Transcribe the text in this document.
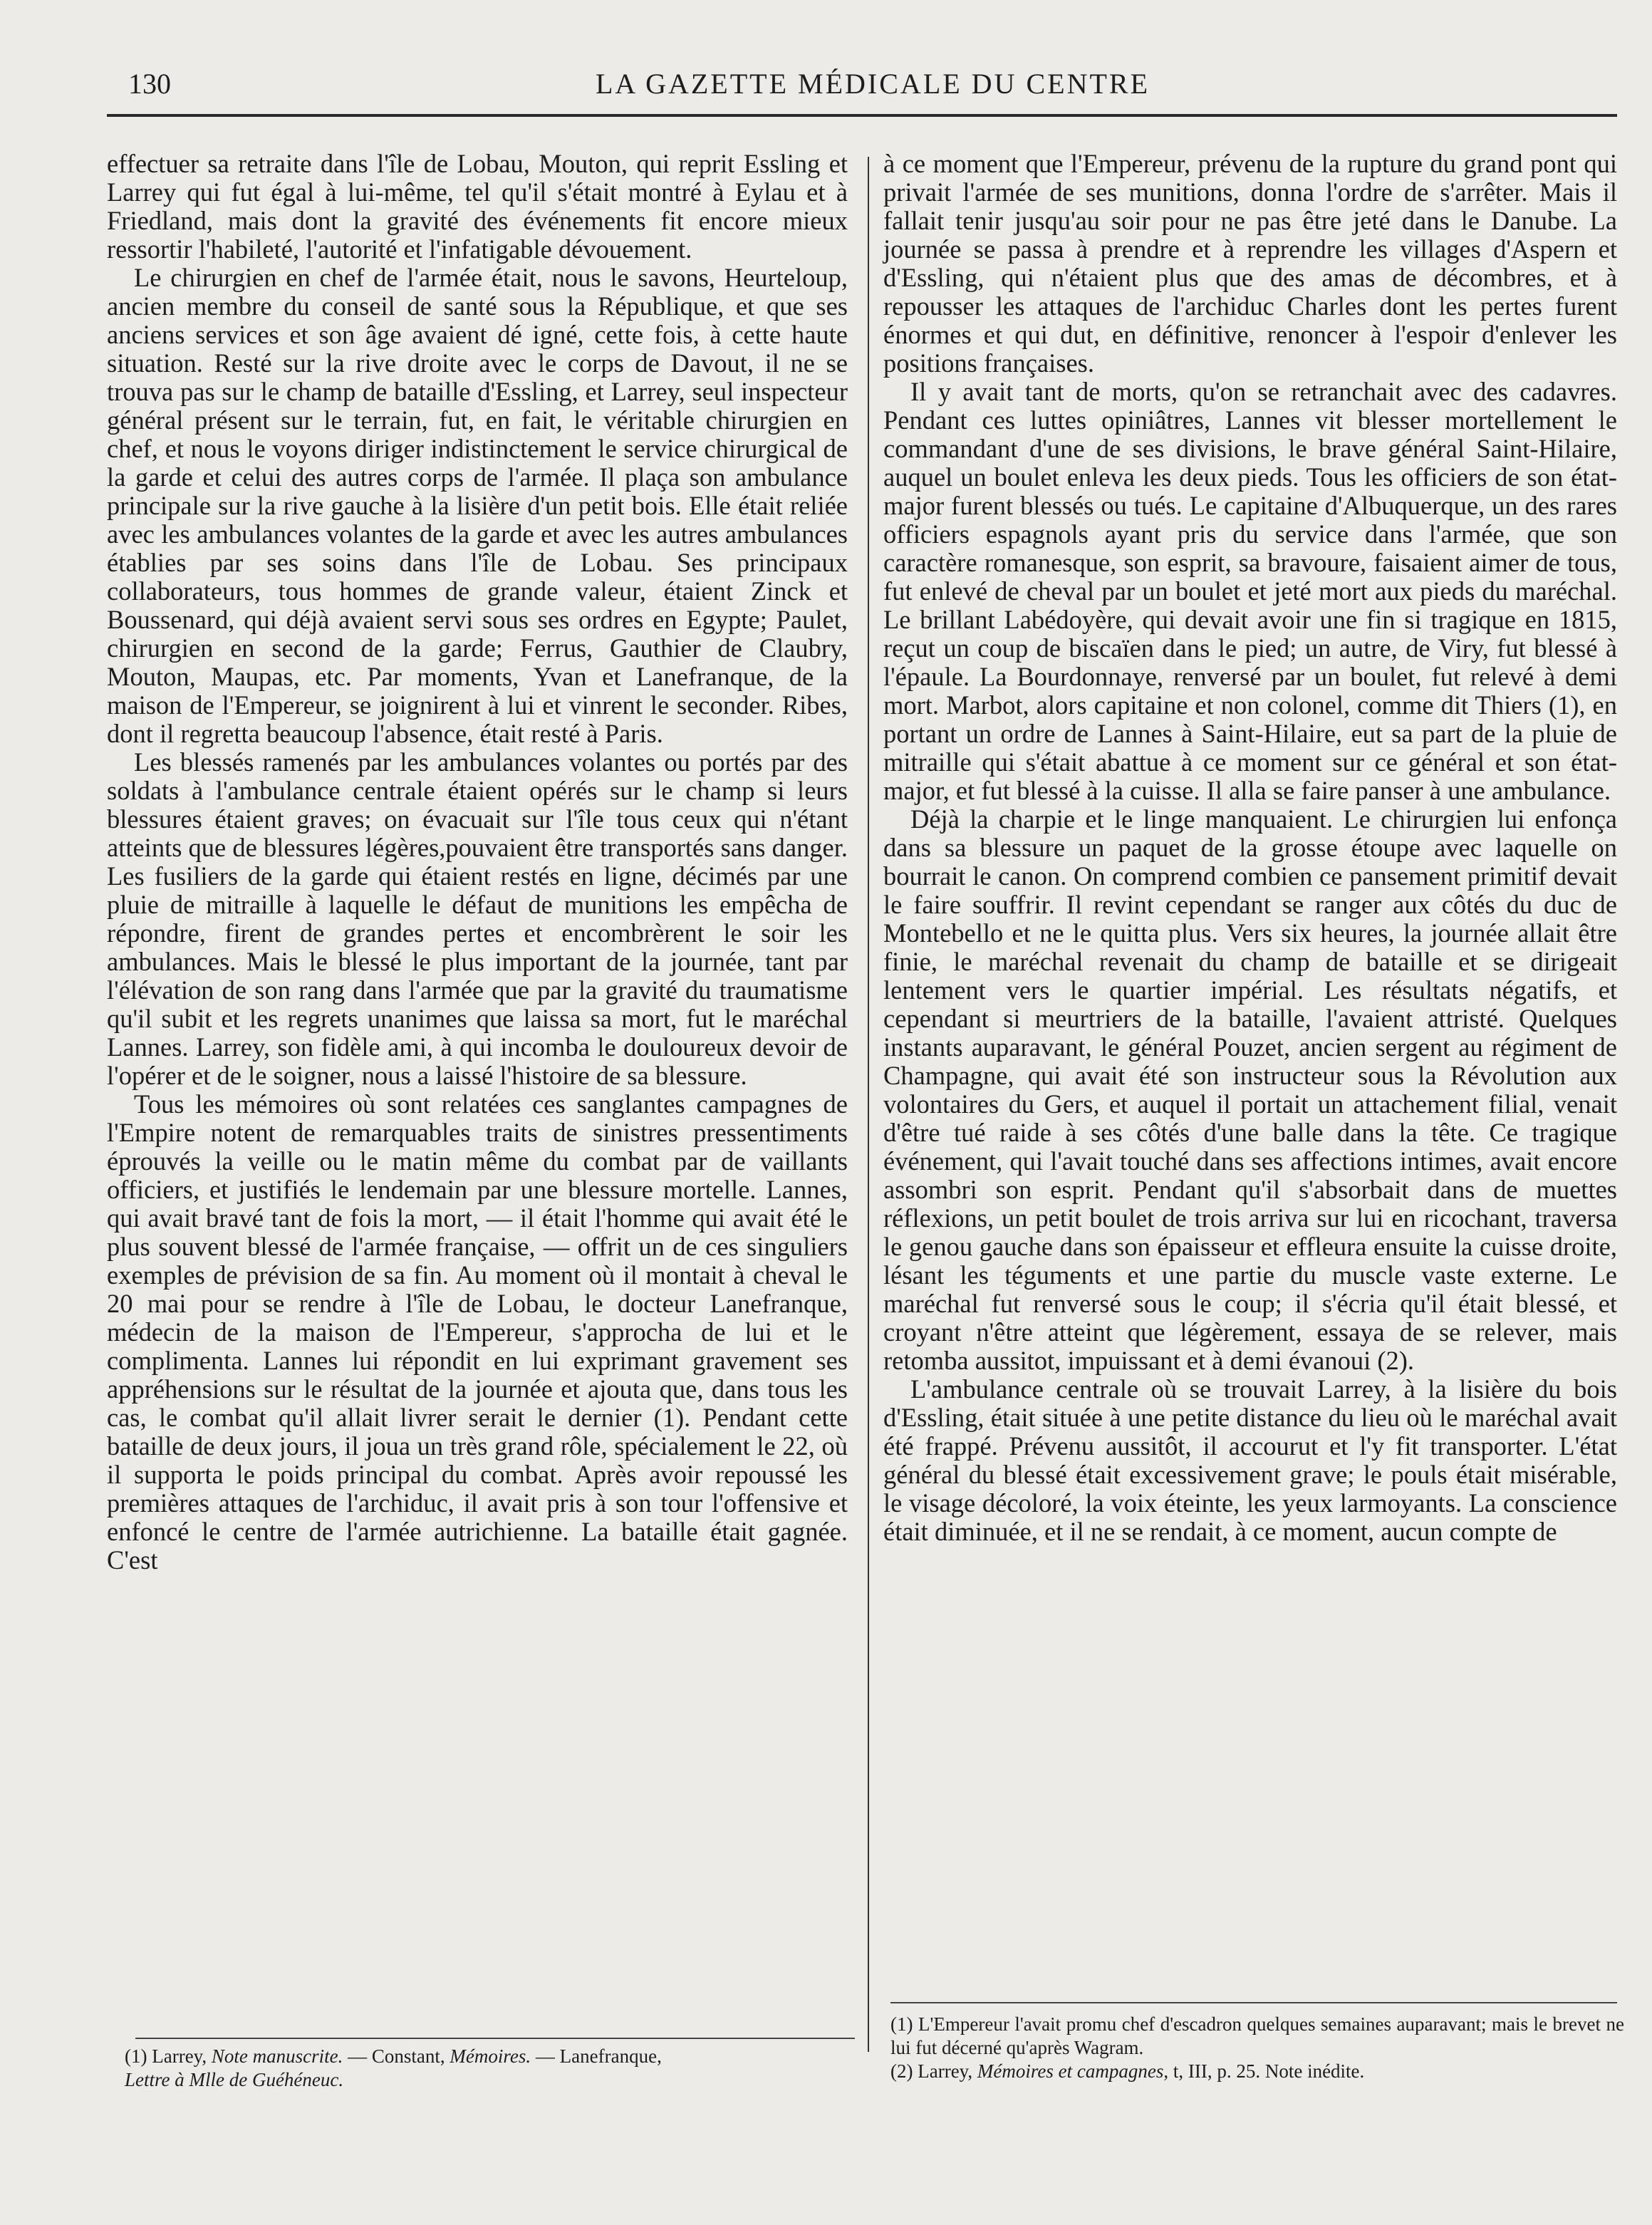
130	LA GAZETTE MÉDICALE DU CENTRE

effectuer sa retraite dans l'île de Lobau, Mouton, qui reprit Essling et Larrey qui fut égal à lui-même, tel qu'il s'était montré à Eylau et à Friedland, mais dont la gravité des événements fit encore mieux ressortir l'habileté, l'autorité et l'infatigable dévouement.

Le chirurgien en chef de l'armée était, nous le savons, Heurteloup, ancien membre du conseil de santé sous la République, et que ses anciens services et son âge avaient dé igné, cette fois, à cette haute situation. Resté sur la rive droite avec le corps de Davout, il ne se trouva pas sur le champ de bataille d'Essling, et Larrey, seul inspecteur général présent sur le terrain, fut, en fait, le véritable chirurgien en chef, et nous le voyons diriger indistinctement le service chirurgical de la garde et celui des autres corps de l'armée. Il plaça son ambulance principale sur la rive gauche à la lisière d'un petit bois. Elle était reliée avec les ambulances volantes de la garde et avec les autres ambulances établies par ses soins dans l'île de Lobau. Ses principaux collaborateurs, tous hommes de grande valeur, étaient Zinck et Boussenard, qui déjà avaient servi sous ses ordres en Egypte; Paulet, chirurgien en second de la garde; Ferrus, Gauthier de Claubry, Mouton, Maupas, etc. Par moments, Yvan et Lanefranque, de la maison de l'Empereur, se joignirent à lui et vinrent le seconder. Ribes, dont il regretta beaucoup l'absence, était resté à Paris.

Les blessés ramenés par les ambulances volantes ou portés par des soldats à l'ambulance centrale étaient opérés sur le champ si leurs blessures étaient graves; on évacuait sur l'île tous ceux qui n'étant atteints que de blessures légères,pouvaient être transportés sans danger. Les fusiliers de la garde qui étaient restés en ligne, décimés par une pluie de mitraille à laquelle le défaut de munitions les empêcha de répondre, firent de grandes pertes et encombrèrent le soir les ambulances. Mais le blessé le plus important de la journée, tant par l'élévation de son rang dans l'armée que par la gravité du traumatisme qu'il subit et les regrets unanimes que laissa sa mort, fut le maréchal Lannes. Larrey, son fidèle ami, à qui incomba le douloureux devoir de l'opérer et de le soigner, nous a laissé l'histoire de sa blessure.

Tous les mémoires où sont relatées ces sanglantes campagnes de l'Empire notent de remarquables traits de sinistres pressentiments éprouvés la veille ou le matin même du combat par de vaillants officiers, et justifiés le lendemain par une blessure mortelle. Lannes, qui avait bravé tant de fois la mort, — il était l'homme qui avait été le plus souvent blessé de l'armée française, — offrit un de ces singuliers exemples de prévision de sa fin. Au moment où il montait à cheval le 20 mai pour se rendre à l'île de Lobau, le docteur Lanefranque, médecin de la maison de l'Empereur, s'approcha de lui et le complimenta. Lannes lui répondit en lui exprimant gravement ses appréhensions sur le résultat de la journée et ajouta que, dans tous les cas, le combat qu'il allait livrer serait le dernier (1). Pendant cette bataille de deux jours, il joua un très grand rôle, spécialement le 22, où il supporta le poids principal du combat. Après avoir repoussé les premières attaques de l'archiduc, il avait pris à son tour l'offensive et enfoncé le centre de l'armée autrichienne. La bataille était gagnée. C'est

à ce moment que l'Empereur, prévenu de la rupture du grand pont qui privait l'armée de ses munitions, donna l'ordre de s'arrêter. Mais il fallait tenir jusqu'au soir pour ne pas être jeté dans le Danube. La journée se passa à prendre et à reprendre les villages d'Aspern et d'Essling, qui n'étaient plus que des amas de décombres, et à repousser les attaques de l'archiduc Charles dont les pertes furent énormes et qui dut, en définitive, renoncer à l'espoir d'enlever les positions françaises.

Il y avait tant de morts, qu'on se retranchait avec des cadavres. Pendant ces luttes opiniâtres, Lannes vit blesser mortellement le commandant d'une de ses divisions, le brave général Saint-Hilaire, auquel un boulet enleva les deux pieds. Tous les officiers de son état-major furent blessés ou tués. Le capitaine d'Albuquerque, un des rares officiers espagnols ayant pris du service dans l'armée, que son caractère romanesque, son esprit, sa bravoure, faisaient aimer de tous, fut enlevé de cheval par un boulet et jeté mort aux pieds du maréchal. Le brillant Labédoyère, qui devait avoir une fin si tragique en 1815, reçut un coup de biscaïen dans le pied; un autre, de Viry, fut blessé à l'épaule. La Bourdonnaye, renversé par un boulet, fut relevé à demi mort. Marbot, alors capitaine et non colonel, comme dit Thiers (1), en portant un ordre de Lannes à Saint-Hilaire, eut sa part de la pluie de mitraille qui s'était abattue à ce moment sur ce général et son état-major, et fut blessé à la cuisse. Il alla se faire panser à une ambulance.

Déjà la charpie et le linge manquaient. Le chirurgien lui enfonça dans sa blessure un paquet de la grosse étoupe avec laquelle on bourrait le canon. On comprend combien ce pansement primitif devait le faire souffrir. Il revint cependant se ranger aux côtés du duc de Montebello et ne le quitta plus. Vers six heures, la journée allait être finie, le maréchal revenait du champ de bataille et se dirigeait lentement vers le quartier impérial. Les résultats négatifs, et cependant si meurtriers de la bataille, l'avaient attristé. Quelques instants auparavant, le général Pouzet, ancien sergent au régiment de Champagne, qui avait été son instructeur sous la Révolution aux volontaires du Gers, et auquel il portait un attachement filial, venait d'être tué raide à ses côtés d'une balle dans la tête. Ce tragique événement, qui l'avait touché dans ses affections intimes, avait encore assombri son esprit. Pendant qu'il s'absorbait dans de muettes réflexions, un petit boulet de trois arriva sur lui en ricochant, traversa le genou gauche dans son épaisseur et effleura ensuite la cuisse droite, lésant les téguments et une partie du muscle vaste externe. Le maréchal fut renversé sous le coup; il s'écria qu'il était blessé, et croyant n'être atteint que légèrement, essaya de se relever, mais retomba aussitot, impuissant et à demi évanoui (2).

L'ambulance centrale où se trouvait Larrey, à la lisière du bois d'Essling, était située à une petite distance du lieu où le maréchal avait été frappé. Prévenu aussitôt, il accourut et l'y fit transporter. L'état général du blessé était excessivement grave; le pouls était misérable, le visage décoloré, la voix éteinte, les yeux larmoyants. La conscience était diminuée, et il ne se rendait, à ce moment, aucun compte de

(1) Larrey, Note manuscrite. — Constant, Mémoires. — Lanefranque,
Lettre à Mlle de Guéhéneuc.

(1) L'Empereur l'avait promu chef d'escadron quelques semaines auparavant; mais le brevet ne lui fut décerné qu'après Wagram.

(2) Larrey, Mémoires et campagnes, t, III, p. 25. Note inédite.
